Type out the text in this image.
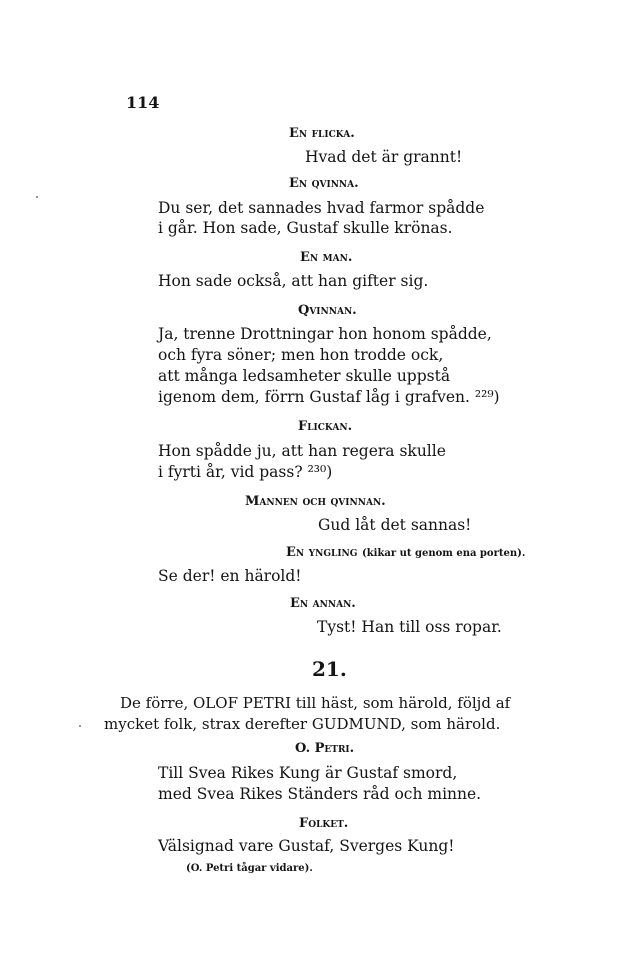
114
En flicka.
Hvad det är grannt!
En qvinna.
Du ser, det sannades hvad farmor spådde
i går. Hon sade, Gustaf skulle krönas.
En man.
Hon sade också, att han gifter sig.
Qvinnan.
Ja, trenne Drottningar hon honom spådde,
och fyra söner; men hon trodde ock,
att många ledsamheter skulle uppstå
igenom dem, förrn Gustaf låg i grafven. ²²⁹)
Flickan.
Hon spådde ju, att han regera skulle
i fyrti år, vid pass? ²³⁰)
Mannen och qvinnan.
Gud låt det sannas!
En yngling (kikar ut genom ena porten).
Se der! en härold!
En annan.
Tyst! Han till oss ropar.
21.
De förre, OLOF PETRI till häst, som härold, följd af
mycket folk, strax derefter GUDMUND, som härold.
O. Petri.
Till Svea Rikes Kung är Gustaf smord,
med Svea Rikes Ständers råd och minne.
Folket.
Välsignad vare Gustaf, Sverges Kung!
(O. Petri tågar vidare).
